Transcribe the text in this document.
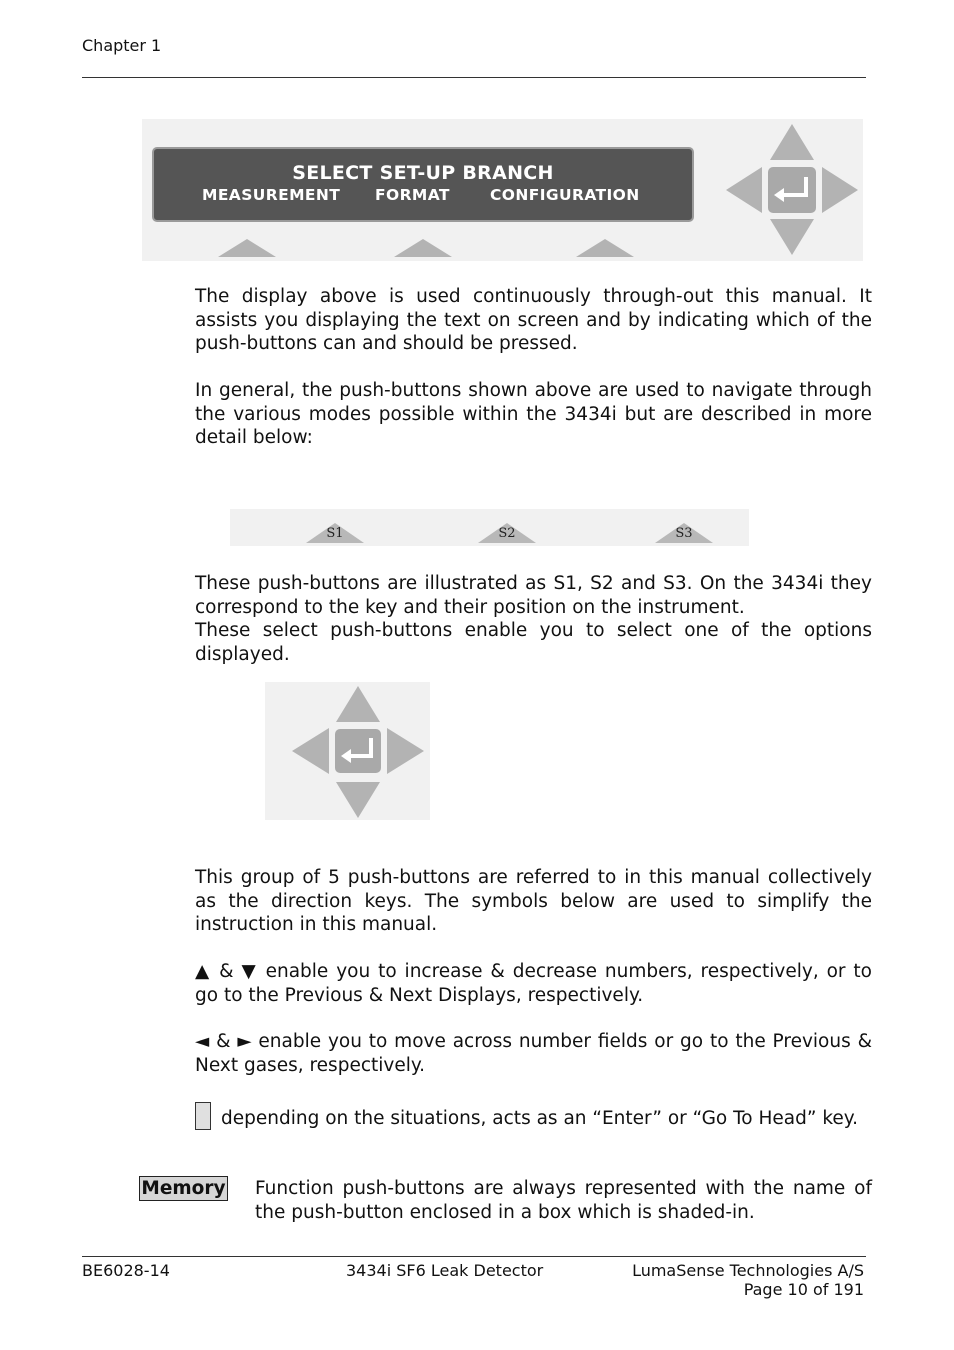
Chapter 1
SELECT SET-UP BRANCH
MEASUREMENT FORMAT	CONFIGURATION

The display above is used continuously through-out this manual. It assists you displaying the text on screen and by indicating which of the push-buttons can and should be pressed.

In general, the push-buttons shown above are used to navigate through the various modes possible within the 3434i but are described in more detail below:

S1	S2	S3

These push-buttons are illustrated as S1, S2 and S3. On the 3434i they correspond to the key and their position on the instrument.

These select push-buttons enable you to select one of the options displayed.

This group of 5 push-buttons are referred to in this manual collectively as the direction keys. The symbols below are used to simplify the instruction in this manual.

▲ & ▼ enable you to increase & decrease numbers, respectively, or to go to the Previous & Next Displays, respectively.

◄ & ► enable you to move across number fields or go to the Previous & Next gases, respectively.

depending on the situations, acts as an “Enter” or “Go To Head” key.

Memory Function push-buttons are always represented with the name of the push-button enclosed in a box which is shaded-in.

BE6028-14	3434i SF6 Leak Detector	LumaSense Technologies A/S
Page 10 of 191
